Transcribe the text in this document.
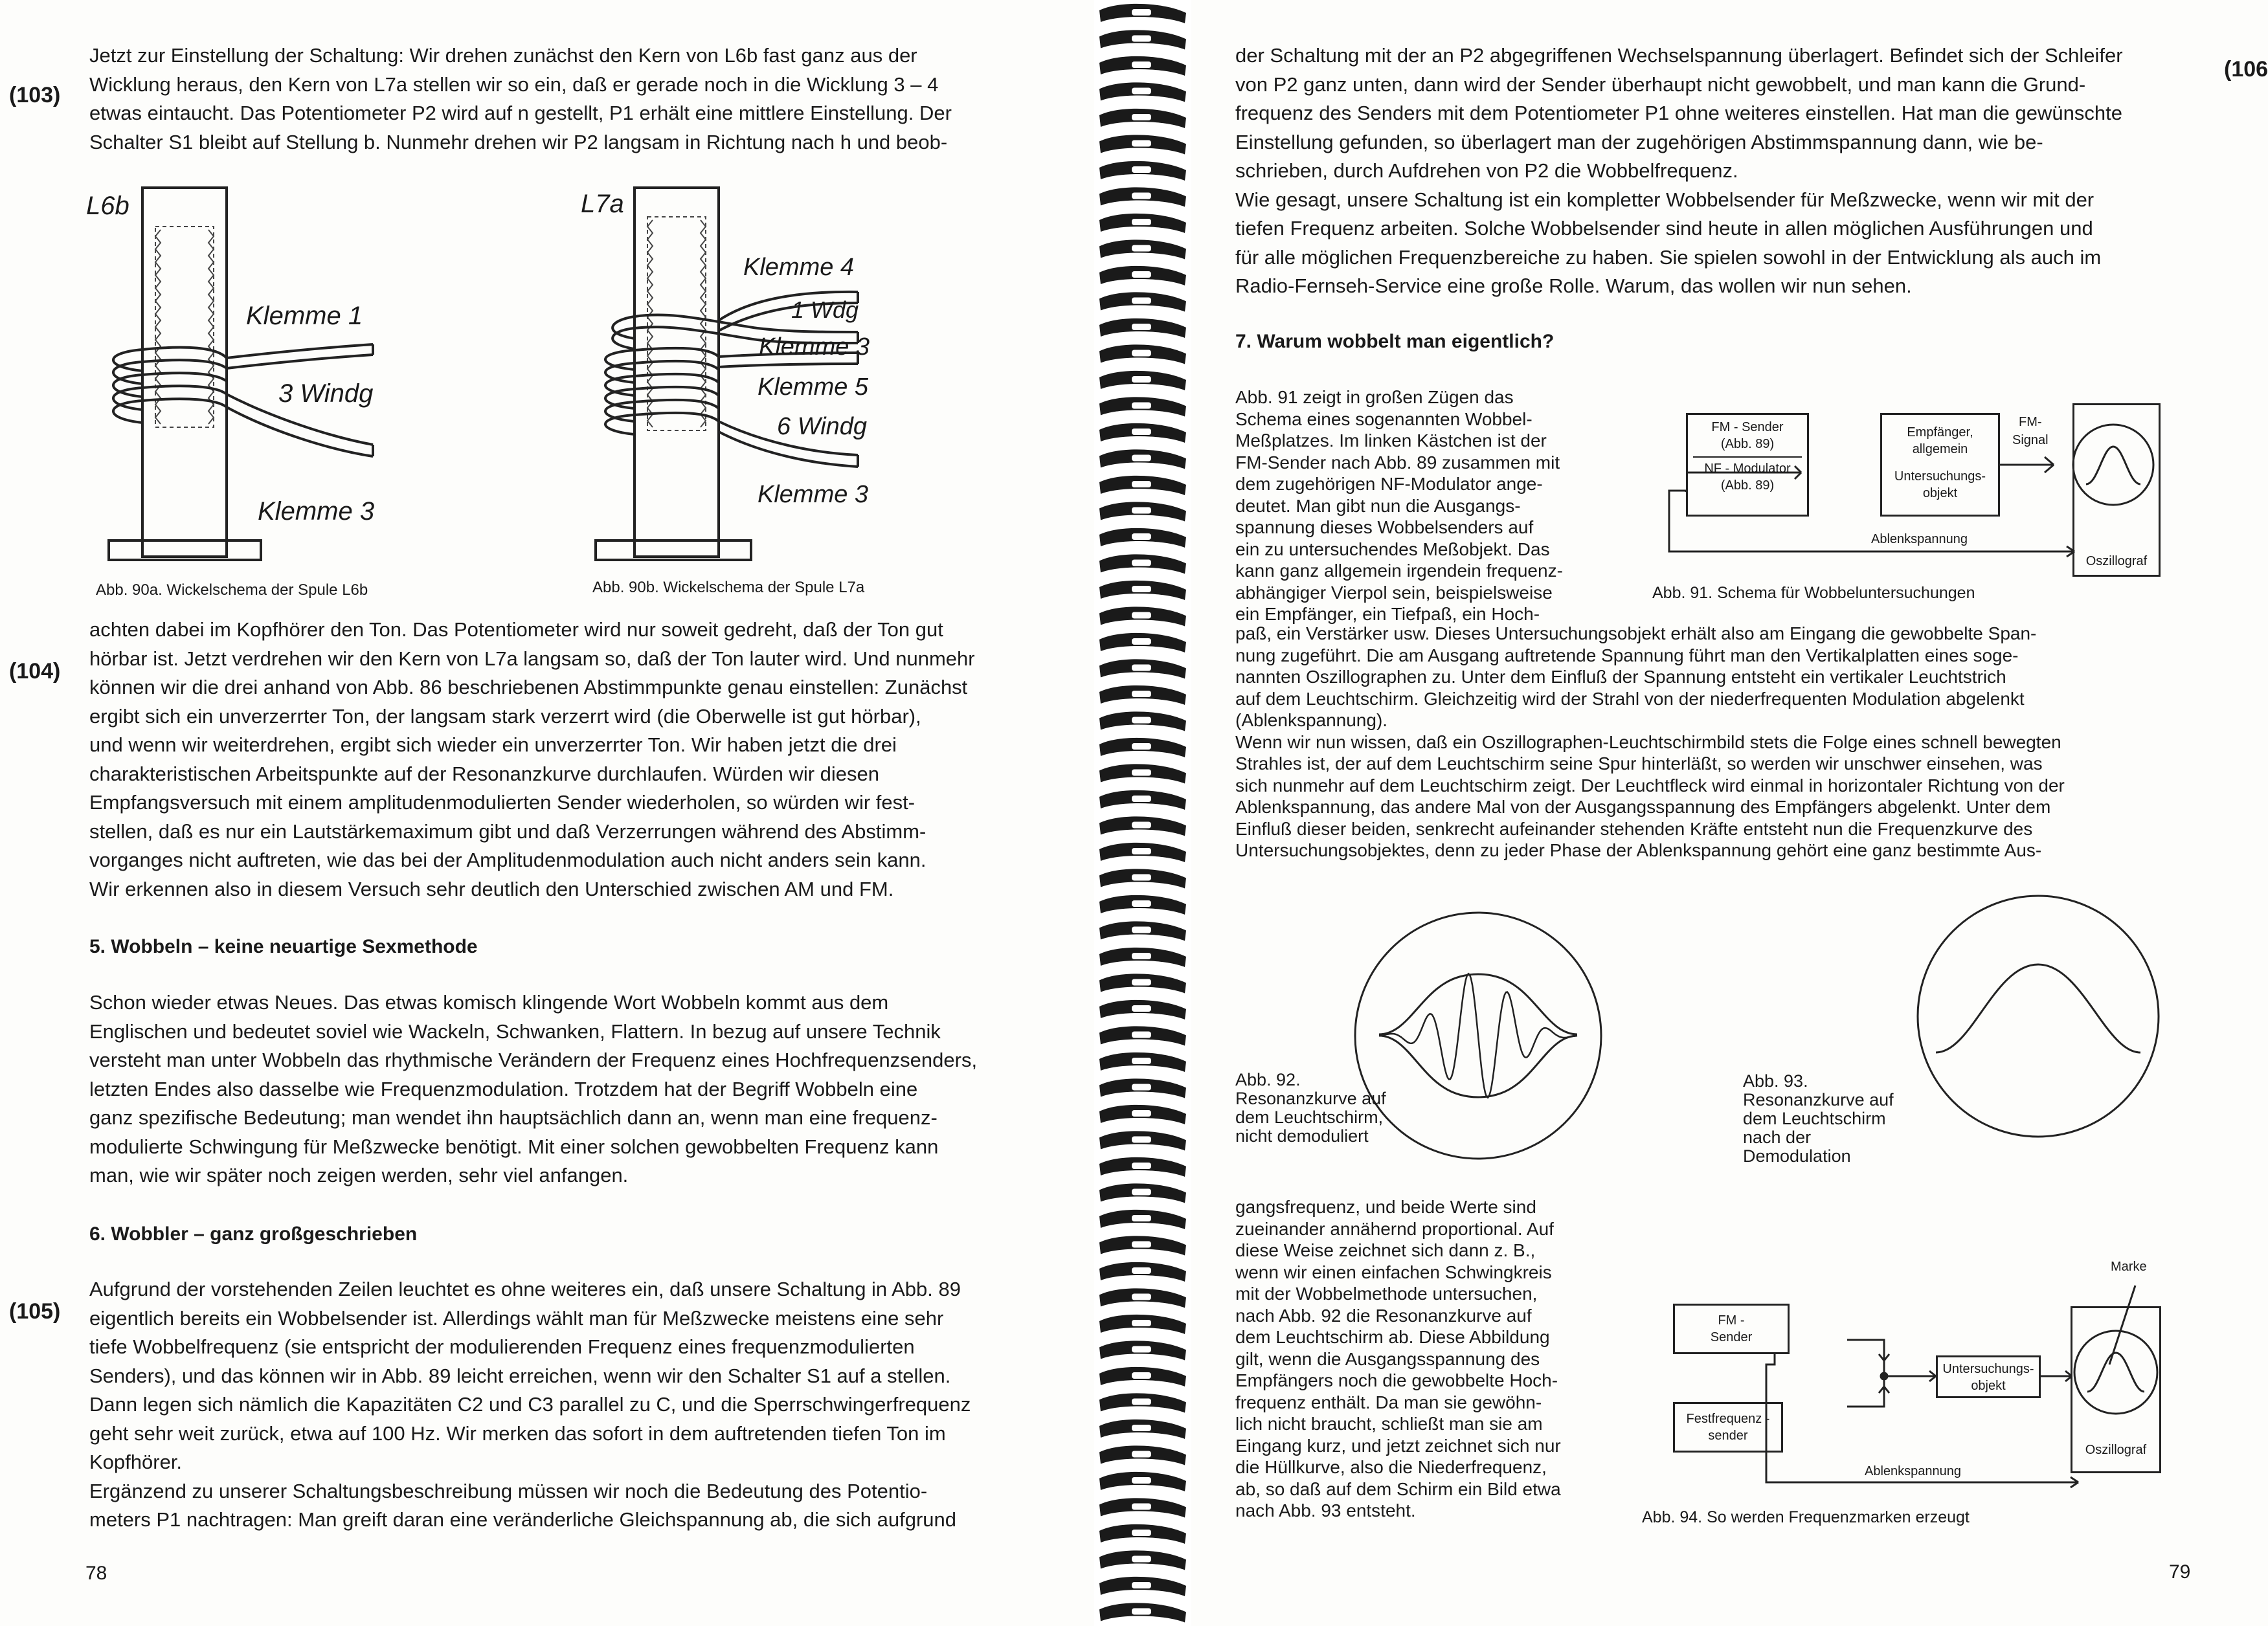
(103)
(104)
(105)

Jetzt zur Einstellung der Schaltung: Wir drehen zunächst den Kern von L6b fast ganz aus der

Wicklung heraus, den Kern von L7a stellen wir so ein, daß er gerade noch in die Wicklung 3 – 4

etwas eintaucht. Das Potentiometer P2 wird auf n gestellt, P1 erhält eine mittlere Einstellung. Der

Schalter S1 bleibt auf Stellung b. Nunmehr drehen wir P2 langsam in Richtung nach h und beob-

L6b
Klemme 1
3 Windg
Klemme 3
Abb. 90a. Wickelschema der Spule L6b
L7a
Klemme 4
1 Wdg
Klemme 3
Klemme 5
6 Windg
Klemme 3
Abb. 90b. Wickelschema der Spule L7a

achten dabei im Kopfhörer den Ton. Das Potentiometer wird nur soweit gedreht, daß der Ton gut

hörbar ist. Jetzt verdrehen wir den Kern von L7a langsam so, daß der Ton lauter wird. Und nunmehr

können wir die drei anhand von Abb. 86 beschriebenen Abstimmpunkte genau einstellen: Zunächst

ergibt sich ein unverzerrter Ton, der langsam stark verzerrt wird (die Oberwelle ist gut hörbar),

und wenn wir weiterdrehen, ergibt sich wieder ein unverzerrter Ton. Wir haben jetzt die drei

charakteristischen Arbeitspunkte auf der Resonanzkurve durchlaufen. Würden wir diesen

Empfangsversuch mit einem amplitudenmodulierten Sender wiederholen, so würden wir fest-

stellen, daß es nur ein Lautstärkemaximum gibt und daß Verzerrungen während des Abstimm-

vorganges nicht auftreten, wie das bei der Amplitudenmodulation auch nicht anders sein kann.

Wir erkennen also in diesem Versuch sehr deutlich den Unterschied zwischen AM und FM.

5. Wobbeln – keine neuartige Sexmethode

Schon wieder etwas Neues. Das etwas komisch klingende Wort Wobbeln kommt aus dem

Englischen und bedeutet soviel wie Wackeln, Schwanken, Flattern. In bezug auf unsere Technik

versteht man unter Wobbeln das rhythmische Verändern der Frequenz eines Hochfrequenzsenders,

letzten Endes also dasselbe wie Frequenzmodulation. Trotzdem hat der Begriff Wobbeln eine

ganz spezifische Bedeutung; man wendet ihn hauptsächlich dann an, wenn man eine frequenz-

modulierte Schwingung für Meßzwecke benötigt. Mit einer solchen gewobbelten Frequenz kann

man, wie wir später noch zeigen werden, sehr viel anfangen.

6. Wobbler – ganz großgeschrieben

Aufgrund der vorstehenden Zeilen leuchtet es ohne weiteres ein, daß unsere Schaltung in Abb. 89

eigentlich bereits ein Wobbelsender ist. Allerdings wählt man für Meßzwecke meistens eine sehr

tiefe Wobbelfrequenz (sie entspricht der modulierenden Frequenz eines frequenzmodulierten

Senders), und das können wir in Abb. 89 leicht erreichen, wenn wir den Schalter S1 auf a stellen.

Dann legen sich nämlich die Kapazitäten C2 und C3 parallel zu C, und die Sperrschwingerfrequenz

geht sehr weit zurück, etwa auf 100 Hz. Wir merken das sofort in dem auftretenden tiefen Ton im

Kopfhörer.

Ergänzend zu unserer Schaltungsbeschreibung müssen wir noch die Bedeutung des Potentio-

meters P1 nachtragen: Man greift daran eine veränderliche Gleichspannung ab, die sich aufgrund

78
(106

der Schaltung mit der an P2 abgegriffenen Wechselspannung überlagert. Befindet sich der Schleifer

von P2 ganz unten, dann wird der Sender überhaupt nicht gewobbelt, und man kann die Grund-

frequenz des Senders mit dem Potentiometer P1 ohne weiteres einstellen. Hat man die gewünschte

Einstellung gefunden, so überlagert man der zugehörigen Abstimmspannung dann, wie be-

schrieben, durch Aufdrehen von P2 die Wobbelfrequenz.

Wie gesagt, unsere Schaltung ist ein kompletter Wobbelsender für Meßzwecke, wenn wir mit der

tiefen Frequenz arbeiten. Solche Wobbelsender sind heute in allen möglichen Ausführungen und

für alle möglichen Frequenzbereiche zu haben. Sie spielen sowohl in der Entwicklung als auch im

Radio-Fernseh-Service eine große Rolle. Warum, das wollen wir nun sehen.

7. Warum wobbelt man eigentlich?

Abb. 91 zeigt in großen Zügen das

Schema eines sogenannten Wobbel-

Meßplatzes. Im linken Kästchen ist der

FM-Sender nach Abb. 89 zusammen mit

dem zugehörigen NF-Modulator ange-

deutet. Man gibt nun die Ausgangs-

spannung dieses Wobbelsenders auf

ein zu untersuchendes Meßobjekt. Das

kann ganz allgemein irgendein frequenz-

abhängiger Vierpol sein, beispielsweise

ein Empfänger, ein Tiefpaß, ein Hoch-

FM - Sender
(Abb. 89)
NF - Modulator
(Abb. 89)
Empfänger,
allgemein
Untersuchungs-
objekt
FM-
Signal
Ablenkspannung
Oszillograf
Abb. 91. Schema für Wobbeluntersuchungen

paß, ein Verstärker usw. Dieses Untersuchungsobjekt erhält also am Eingang die gewobbelte Span-

nung zugeführt. Die am Ausgang auftretende Spannung führt man den Vertikalplatten eines soge-

nannten Oszillographen zu. Unter dem Einfluß der Spannung entsteht ein vertikaler Leuchtstrich

auf dem Leuchtschirm. Gleichzeitig wird der Strahl von der niederfrequenten Modulation abgelenkt

(Ablenkspannung).

Wenn wir nun wissen, daß ein Oszillographen-Leuchtschirmbild stets die Folge eines schnell bewegten

Strahles ist, der auf dem Leuchtschirm seine Spur hinterläßt, so werden wir unschwer einsehen, was

sich nunmehr auf dem Leuchtschirm zeigt. Der Leuchtfleck wird einmal in horizontaler Richtung von der

Ablenkspannung, das andere Mal von der Ausgangsspannung des Empfängers abgelenkt. Unter dem

Einfluß dieser beiden, senkrecht aufeinander stehenden Kräfte entsteht nun die Frequenzkurve des

Untersuchungsobjektes, denn zu jeder Phase der Ablenkspannung gehört eine ganz bestimmte Aus-

Abb. 92.

Resonanzkurve auf

dem Leuchtschirm,

nicht demoduliert

Abb. 93.

Resonanzkurve auf

dem Leuchtschirm

nach der

Demodulation

gangsfrequenz, und beide Werte sind

zueinander annähernd proportional. Auf

diese Weise zeichnet sich dann z. B.,

wenn wir einen einfachen Schwingkreis

mit der Wobbelmethode untersuchen,

nach Abb. 92 die Resonanzkurve auf

dem Leuchtschirm ab. Diese Abbildung

gilt, wenn die Ausgangsspannung des

Empfängers noch die gewobbelte Hoch-

frequenz enthält. Da man sie gewöhn-

lich nicht braucht, schließt man sie am

Eingang kurz, und jetzt zeichnet sich nur

die Hüllkurve, also die Niederfrequenz,

ab, so daß auf dem Schirm ein Bild etwa

nach Abb. 93 entsteht.

Marke
FM -
Sender
Festfrequenz -
sender
Untersuchungs-
objekt
Oszillograf
Ablenkspannung
Abb. 94. So werden Frequenzmarken erzeugt
79
